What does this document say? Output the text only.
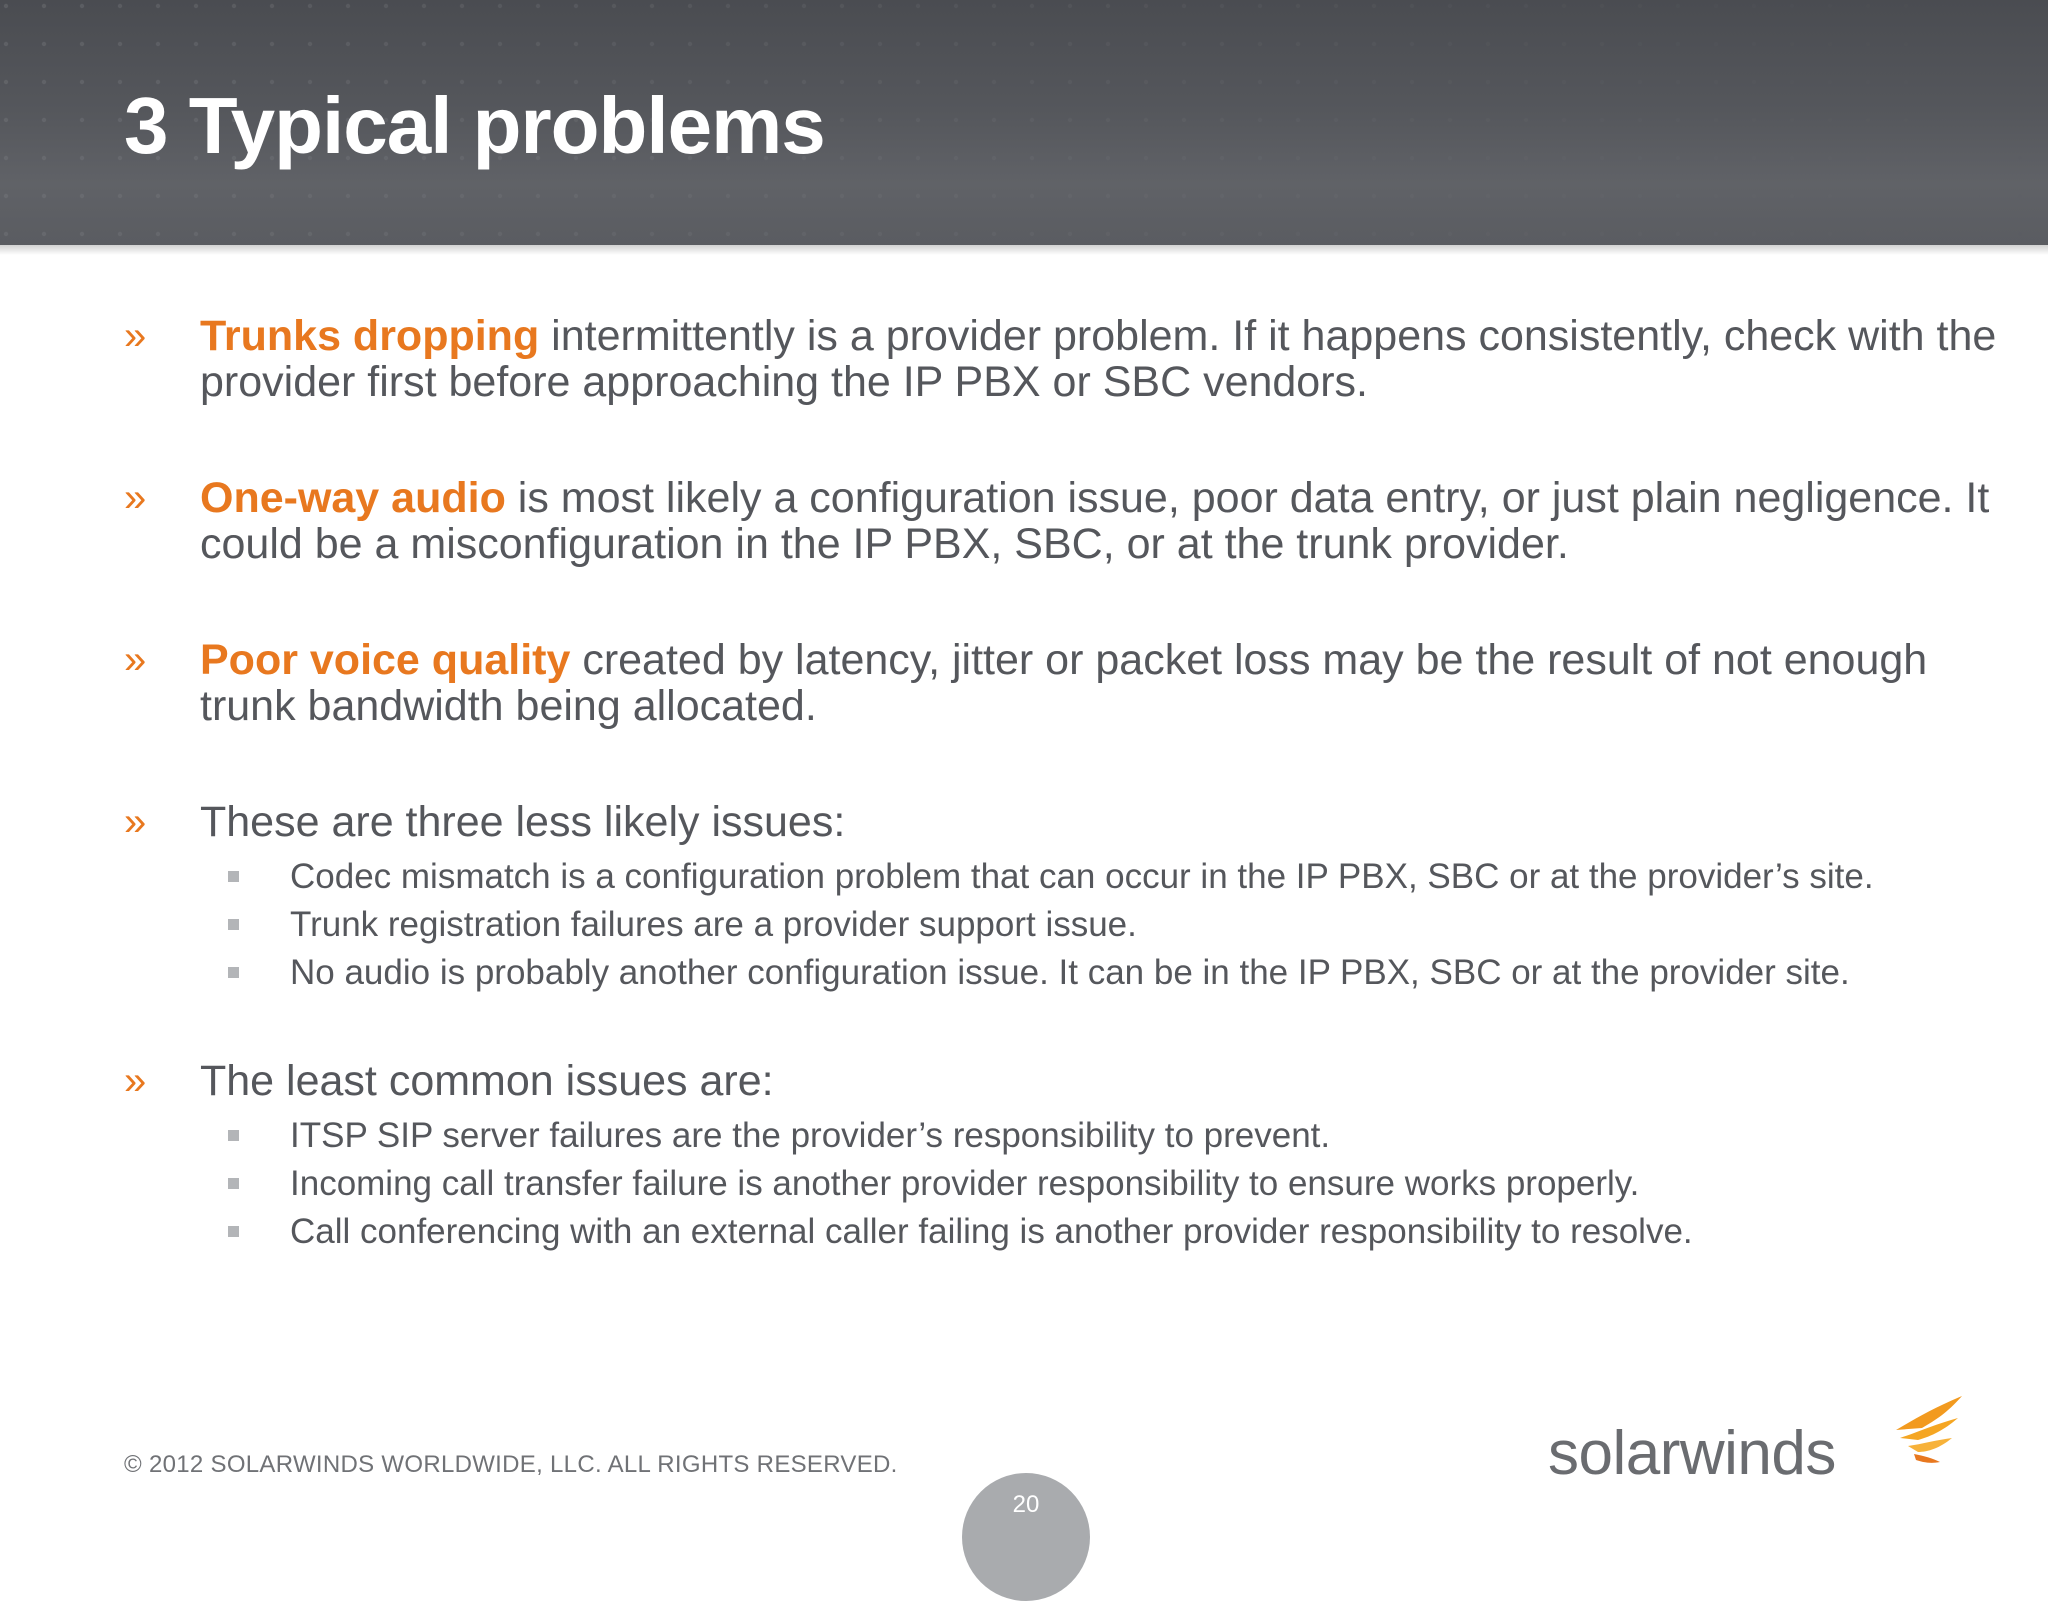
3 Typical problems
» Trunks dropping intermittently is a provider problem. If it happens consistently, check with the provider first before approaching the IP PBX or SBC vendors.
» One-way audio is most likely a configuration issue, poor data entry, or just plain negligence. It could be a misconfiguration in the IP PBX, SBC, or at the trunk provider.
» Poor voice quality created by latency, jitter or packet loss may be the result of not enough trunk bandwidth being allocated.
» These are three less likely issues:
Codec mismatch is a configuration problem that can occur in the IP PBX, SBC or at the provider’s site.
Trunk registration failures are a provider support issue.
No audio is probably another configuration issue. It can be in the IP PBX, SBC or at the provider site.
» The least common issues are:
ITSP SIP server failures are the provider’s responsibility to prevent.
Incoming call transfer failure is another provider responsibility to ensure works properly.
Call conferencing with an external caller failing is another provider responsibility to resolve.
© 2012 SOLARWINDS WORLDWIDE, LLC. ALL RIGHTS RESERVED.
20
solarwinds
